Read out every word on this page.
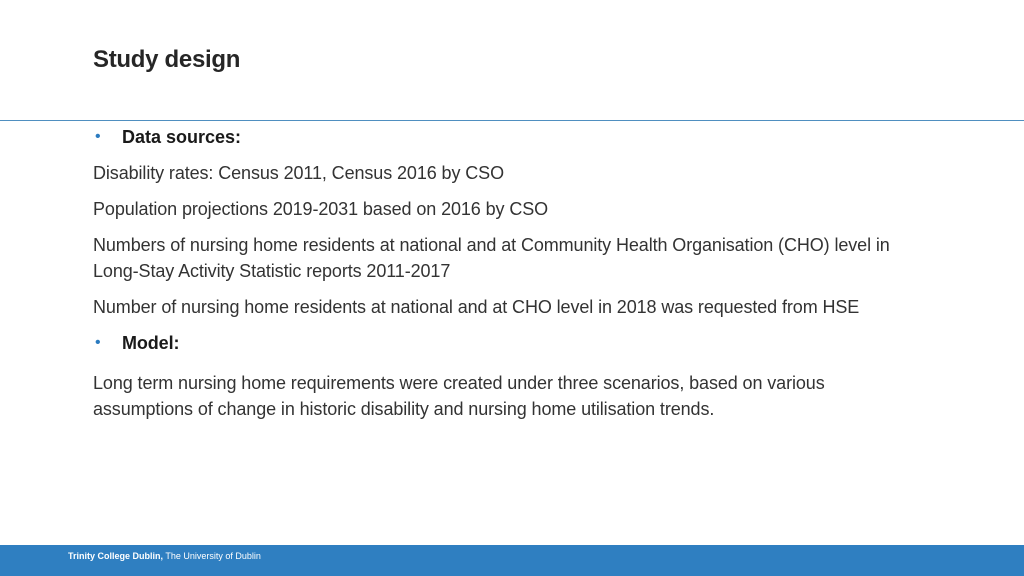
Study design
• Data sources:
Disability rates: Census 2011, Census 2016 by CSO
Population projections 2019-2031 based on 2016 by CSO
Numbers of nursing home residents at national and at Community Health Organisation (CHO) level in Long-Stay Activity Statistic reports 2011-2017
Number of nursing home residents at national and at CHO level in 2018 was requested from HSE
• Model:
Long term nursing home requirements were created under three scenarios, based on various assumptions of change in historic disability and nursing home utilisation trends.
Trinity College Dublin, The University of Dublin
